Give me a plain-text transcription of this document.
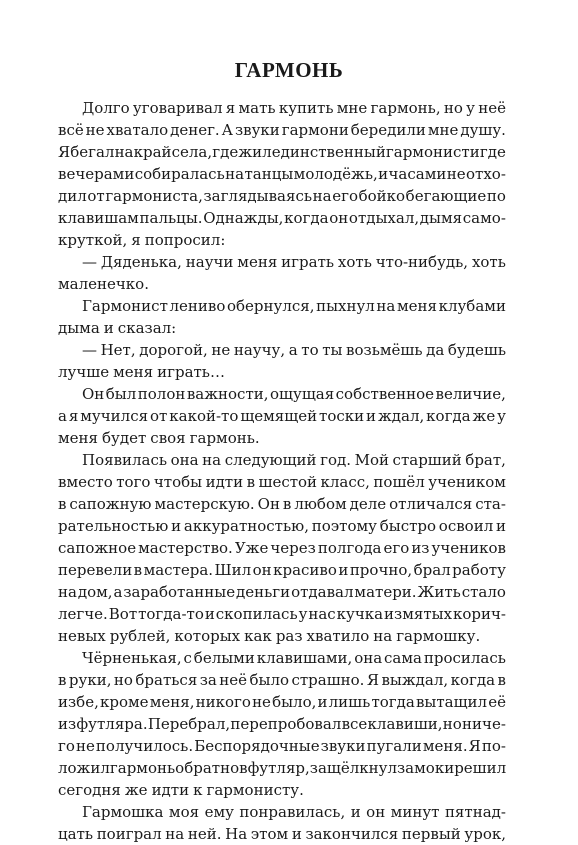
ГАРМОНЬ
Долго уговаривал я мать купить мне гармонь, но у неё
всё не хватало денег. А звуки гармони бередили мне душу.
Я бегал на край села, где жил единственный гармонист и где
вечерами собиралась на танцы молодёжь, и часами не отхо-
дил от гармониста, заглядываясь на его бойко бегающие по
клавишам пальцы. Однажды, когда он отдыхал, дымя само-
круткой, я попросил:
— Дяденька, научи меня играть хоть что-нибудь, хоть
маленечко.
Гармонист лениво обернулся, пыхнул на меня клубами
дыма и сказал:
— Нет, дорогой, не научу, а то ты возьмёшь да будешь
лучше меня играть…
Он был полон важности, ощущая собственное величие,
а я мучился от какой-то щемящей тоски и ждал, когда же у
меня будет своя гармонь.
Появилась она на следующий год. Мой старший брат,
вместо того чтобы идти в шестой класс, пошёл учеником
в сапожную мастерскую. Он в любом деле отличался ста-
рательностью и аккуратностью, поэтому быстро освоил и
сапожное мастерство. Уже через полгода его из учеников
перевели в мастера. Шил он красиво и прочно, брал работу
на дом, а заработанные деньги отдавал матери. Жить стало
легче. Вот тогда-то и скопилась у нас кучка измятых корич-
невых рублей, которых как раз хватило на гармошку.
Чёрненькая, с белыми клавишами, она сама просилась
в руки, но браться за неё было страшно. Я выждал, когда в
избе, кроме меня, никого не было, и лишь тогда вытащил её
из футляра. Перебрал, перепробовал все клавиши, но ниче-
го не получилось. Беспорядочные звуки пугали меня. Я по-
ложил гармонь обратно в футляр, защёлкнул замок и решил
сегодня же идти к гармонисту.
Гармошка моя ему понравилась, и он минут пятнад-
цать поиграл на ней. На этом и закончился первый урок,
